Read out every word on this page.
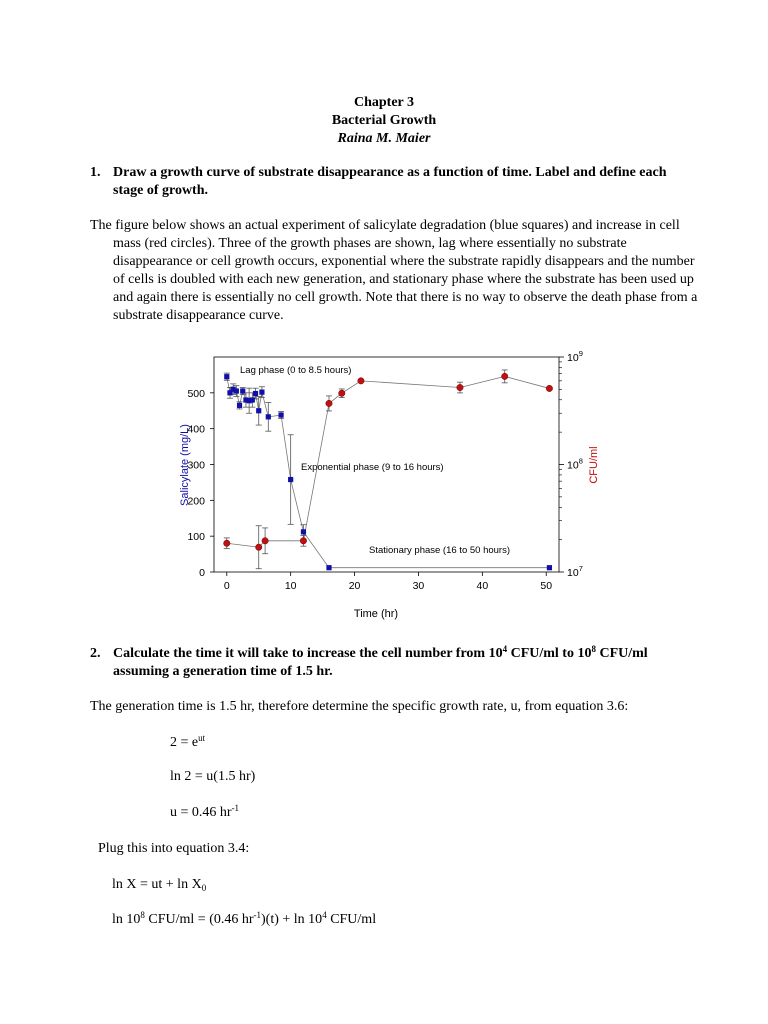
Chapter 3
Bacterial Growth
Raina M. Maier
1. Draw a growth curve of substrate disappearance as a function of time. Label and define each stage of growth.
The figure below shows an actual experiment of salicylate degradation (blue squares) and increase in cell mass (red circles). Three of the growth phases are shown, lag where essentially no substrate disappearance or cell growth occurs, exponential where the substrate rapidly disappears and the number of cells is doubled with each new generation, and stationary phase where the substrate has been used up and again there is essentially no cell growth. Note that there is no way to observe the death phase from a substrate disappearance curve.
0	10	20	30	40	50
0
100
200
300
400
500
$10^7$
$10^8$
$10^9$
Time (hr)
Salicylate (mg/L)	CFU/ml
Lag phase (0 to 8.5 hours)
Exponential phase (9 to 16 hours)
Stationary phase (16 to 50 hours)
2. Calculate the time it will take to increase the cell number from $10^4$ CFU/ml to $10^8$ CFU/ml assuming a generation time of 1.5 hr.
The generation time is 1.5 hr, therefore determine the specific growth rate, u, from equation 3.6:
$2 = e^{ut}$
ln 2 = u(1.5 hr)
u = 0.46 $hr^{-1}$
Plug this into equation 3.4:
ln X = ut + $\ln X_0$
$\ln 10^8$ CFU/ml = (0.46 $hr^{-1})(t) + \ln 10^4$ CFU/ml
